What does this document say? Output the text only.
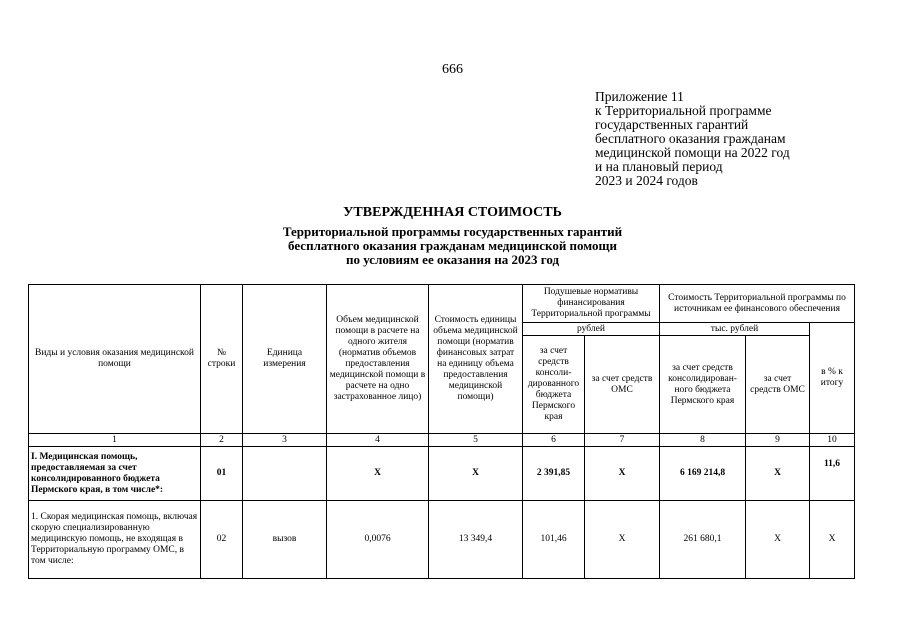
666
Приложение 11
к Территориальной программе
государственных гарантий
бесплатного оказания гражданам
медицинской помощи на 2022 год
и на плановый период
2023 и 2024 годов
УТВЕРЖДЕННАЯ СТОИМОСТЬ
Территориальной программы государственных гарантий
бесплатного оказания гражданам медицинской помощи
по условиям ее оказания на 2023 год
Виды и условия оказания медицинской помощи	№ строки	Единица измерения	Объем медицинской помощи в расчете на одного жителя (норматив объемов предоставления медицинской помощи в расчете на одно застрахованное лицо)	Стоимость единицы объема медицинской помощи (норматив финансовых затрат на единицу объема предоставления медицинской помощи)	Подушевые нормативы финансирования Территориальной программы		Стоимость Территориальной программы по источникам ее финансового обеспечения		
					рублей		тыс. рублей		в % к итогу
					за счет средств консоли-дированного бюджета Пермского края	за счет средств ОМС	за счет средств консолидирован-ного бюджета Пермского края	за счет средств ОМС	
1	2	3	4	5	6	7	8	9	10
I. Медицинская помощь, предоставляемая за счет консолидированного бюджета Пермского края, в том числе*:	01		X	X	2 391,85	X	6 169 214,8	X	11,6
1. Скорая медицинская помощь, включая скорую специализированную медицинскую помощь, не входящая в Территориальную программу ОМС, в том числе:	02	вызов	0,0076	13 349,4	101,46	X	261 680,1	X	X
